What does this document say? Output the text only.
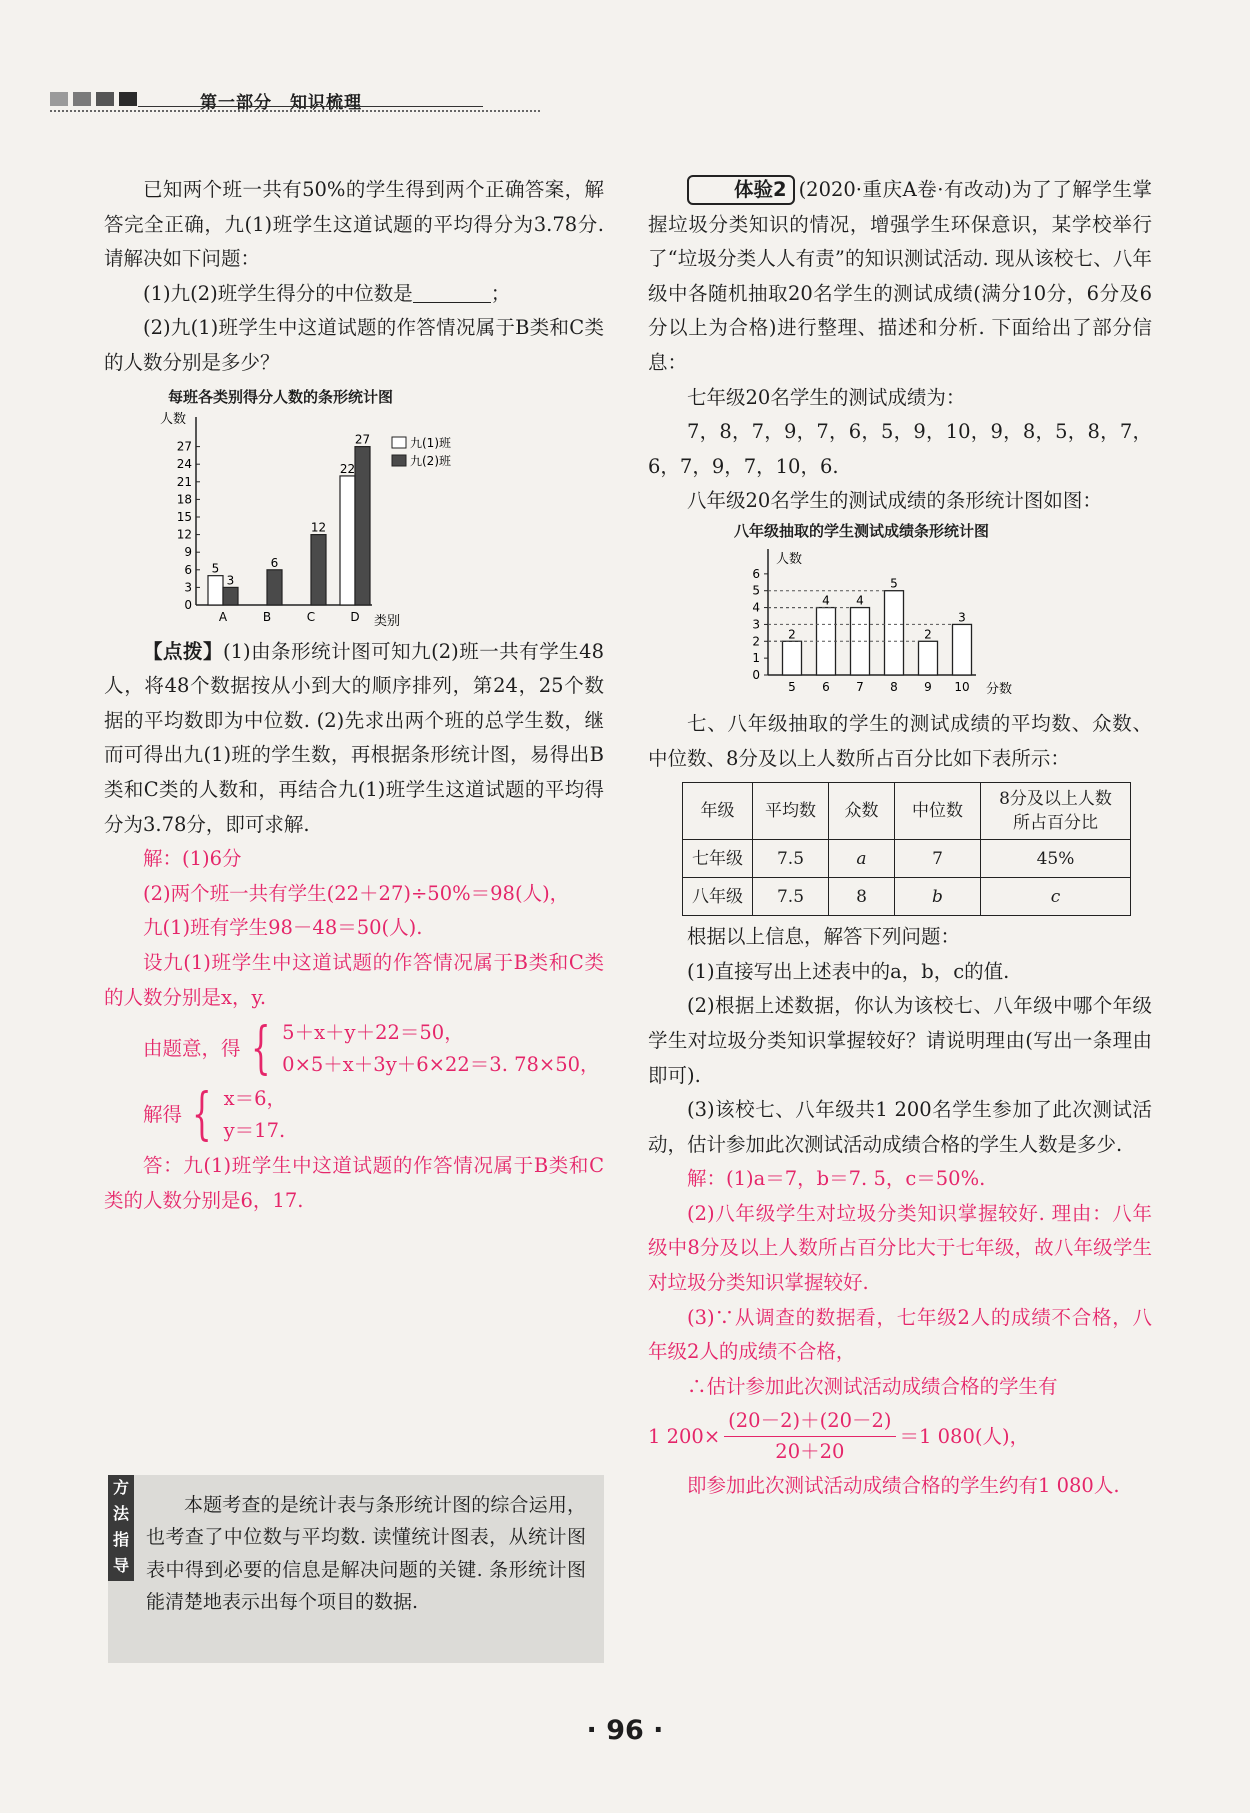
第一部分　知识梳理
已知两个班一共有50%的学生得到两个正确答案，解答完全正确，九(1)班学生这道试题的平均得分为3.78分. 请解决如下问题：
(1)九(2)班学生得分的中位数是	；
(2)九(1)班学生中这道试题的作答情况属于B类和C类的人数分别是多少？
每班各类别得分人数的条形统计图
人数
类别
0
3
6
9
12
15
18
21
24
27
A
5
3
B
6
C
12
D
22
27	九(1)班
九(2)班
【点拨】(1)由条形统计图可知九(2)班一共有学生48人，将48个数据按从小到大的顺序排列，第24，25个数据的平均数即为中位数. (2)先求出两个班的总学生数，继而可得出九(1)班的学生数，再根据条形统计图，易得出B类和C类的人数和，再结合九(1)班学生这道试题的平均得分为3.78分，即可求解.
解：(1)6分
(2)两个班一共有学生(22＋27)÷50%＝98(人)，
九(1)班有学生98－48＝50(人).
设九(1)班学生中这道试题的作答情况属于B类和C类的人数分别是x，y.
由题意，得 { 5＋x＋y＋22＝50，
0×5＋x＋3y＋6×22＝3. 78×50，
解得 { x＝6，
y＝17.
答：九(1)班学生中这道试题的作答情况属于B类和C类的人数分别是6，17.
方
法
指
导
本题考查的是统计表与条形统计图的综合运用，也考查了中位数与平均数. 读懂统计图表，从统计图表中得到必要的信息是解决问题的关键. 条形统计图能清楚地表示出每个项目的数据.
体验2 (2020·重庆A卷·有改动)为了了解学生掌握垃圾分类知识的情况，增强学生环保意识，某学校举行了“垃圾分类人人有责”的知识测试活动. 现从该校七、八年级中各随机抽取20名学生的测试成绩(满分10分，6分及6分以上为合格)进行整理、描述和分析. 下面给出了部分信息：
七年级20名学生的测试成绩为：
7，8，7，9，7，6，5，9，10，9，8，5，8，7，6，7，9，7，10，6.
八年级20名学生的测试成绩的条形统计图如图：
八年级抽取的学生测试成绩条形统计图
人数
分数
0
1
2
3
4
5
6
2
5
4
6
4
7
5
8
2
9
3
10
七、八年级抽取的学生的测试成绩的平均数、众数、中位数、8分及以上人数所占百分比如下表所示：
年级	平均数	众数	中位数	8分及以上人数所占百分比
七年级	7.5	a	7	45%
八年级	7.5	8	b	c
根据以上信息，解答下列问题：
(1)直接写出上述表中的a，b，c的值.
(2)根据上述数据，你认为该校七、八年级中哪个年级学生对垃圾分类知识掌握较好？请说明理由(写出一条理由即可).
(3)该校七、八年级共1 200名学生参加了此次测试活动，估计参加此次测试活动成绩合格的学生人数是多少.
解：(1)a＝7，b＝7. 5，c＝50%.
(2)八年级学生对垃圾分类知识掌握较好. 理由：八年级中8分及以上人数所占百分比大于七年级，故八年级学生对垃圾分类知识掌握较好.
(3)∵从调查的数据看，七年级2人的成绩不合格，八年级2人的成绩不合格，
∴估计参加此次测试活动成绩合格的学生有
1 $200\times \frac{(20-2)+(20-2)}{20+20} =1$ 080(人)，
即参加此次测试活动成绩合格的学生约有1 080人.
· 96 ·
